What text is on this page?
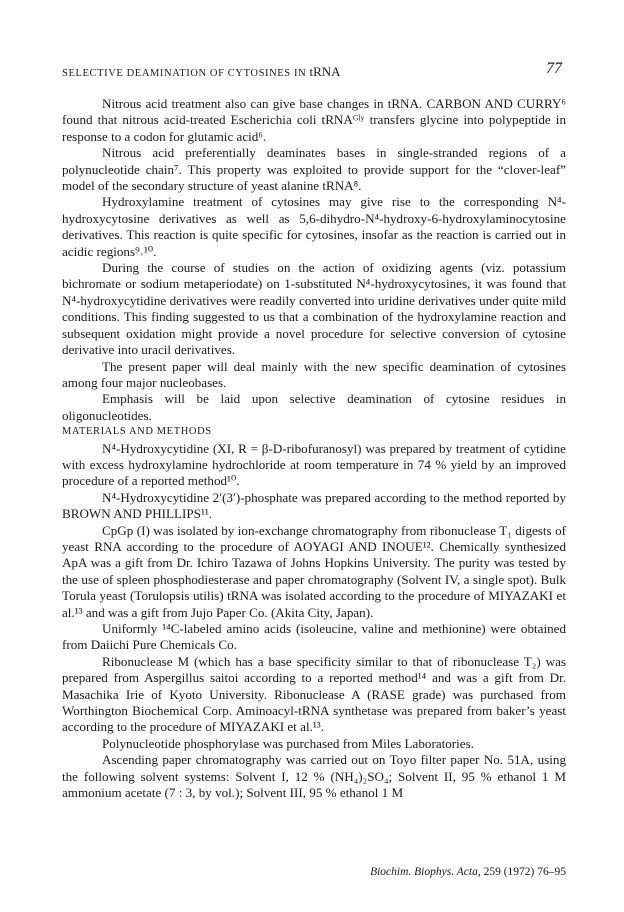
SELECTIVE DEAMINATION OF CYTOSINES IN tRNA	77

Nitrous acid treatment also can give base changes in tRNA. CARBON AND CURRY⁶ found that nitrous acid-treated Escherichia coli tRNAᴳˡʸ transfers glycine into polypeptide in response to a codon for glutamic acid⁶.

Nitrous acid preferentially deaminates bases in single-stranded regions of a polynucleotide chain⁷. This property was exploited to provide support for the “clover-leaf” model of the secondary structure of yeast alanine tRNA⁸.

Hydroxylamine treatment of cytosines may give rise to the corresponding N⁴-hydroxycytosine derivatives as well as 5,6-dihydro-N⁴-hydroxy-6-hydroxylaminocytosine derivatives. This reaction is quite specific for cytosines, insofar as the reaction is carried out in acidic regions⁹˒¹⁰.

During the course of studies on the action of oxidizing agents (viz. potassium bichromate or sodium metaperiodate) on 1-substituted N⁴-hydroxycytosines, it was found that N⁴-hydroxycytidine derivatives were readily converted into uridine derivatives under quite mild conditions. This finding suggested to us that a combination of the hydroxylamine reaction and subsequent oxidation might provide a novel procedure for selective conversion of cytosine derivative into uracil derivatives.

The present paper will deal mainly with the new specific deamination of cytosines among four major nucleobases.

Emphasis will be laid upon selective deamination of cytosine residues in oligonucleotides.

MATERIALS AND METHODS

N⁴-Hydroxycytidine (XI, R = β-D-ribofuranosyl) was prepared by treatment of cytidine with excess hydroxylamine hydrochloride at room temperature in 74 % yield by an improved procedure of a reported method¹⁰.

N⁴-Hydroxycytidine 2′(3′)-phosphate was prepared according to the method reported by BROWN AND PHILLIPS¹¹.

CpGp (I) was isolated by ion-exchange chromatography from ribonuclease T₁ digests of yeast RNA according to the procedure of AOYAGI AND INOUE¹². Chemically synthesized ApA was a gift from Dr. Ichiro Tazawa of Johns Hopkins University. The purity was tested by the use of spleen phosphodiesterase and paper chromatography (Solvent IV, a single spot). Bulk Torula yeast (Torulopsis utilis) tRNA was isolated according to the procedure of MIYAZAKI et al.¹³ and was a gift from Jujo Paper Co. (Akita City, Japan).

Uniformly ¹⁴C-labeled amino acids (isoleucine, valine and methionine) were obtained from Daiichi Pure Chemicals Co.

Ribonuclease M (which has a base specificity similar to that of ribonuclease T₂) was prepared from Aspergillus saitoi according to a reported method¹⁴ and was a gift from Dr. Masachika Irie of Kyoto University. Ribonuclease A (RASE grade) was purchased from Worthington Biochemical Corp. Aminoacyl-tRNA synthetase was prepared from baker’s yeast according to the procedure of MIYAZAKI et al.¹³.

Polynucleotide phosphorylase was purchased from Miles Laboratories.

Ascending paper chromatography was carried out on Toyo filter paper No. 51A, using the following solvent systems: Solvent I, 12 % (NH₄)₂SO₄; Solvent II, 95 % ethanol 1 M ammonium acetate (7 : 3, by vol.); Solvent III, 95 % ethanol 1 M

Biochim. Biophys. Acta, 259 (1972) 76–95
